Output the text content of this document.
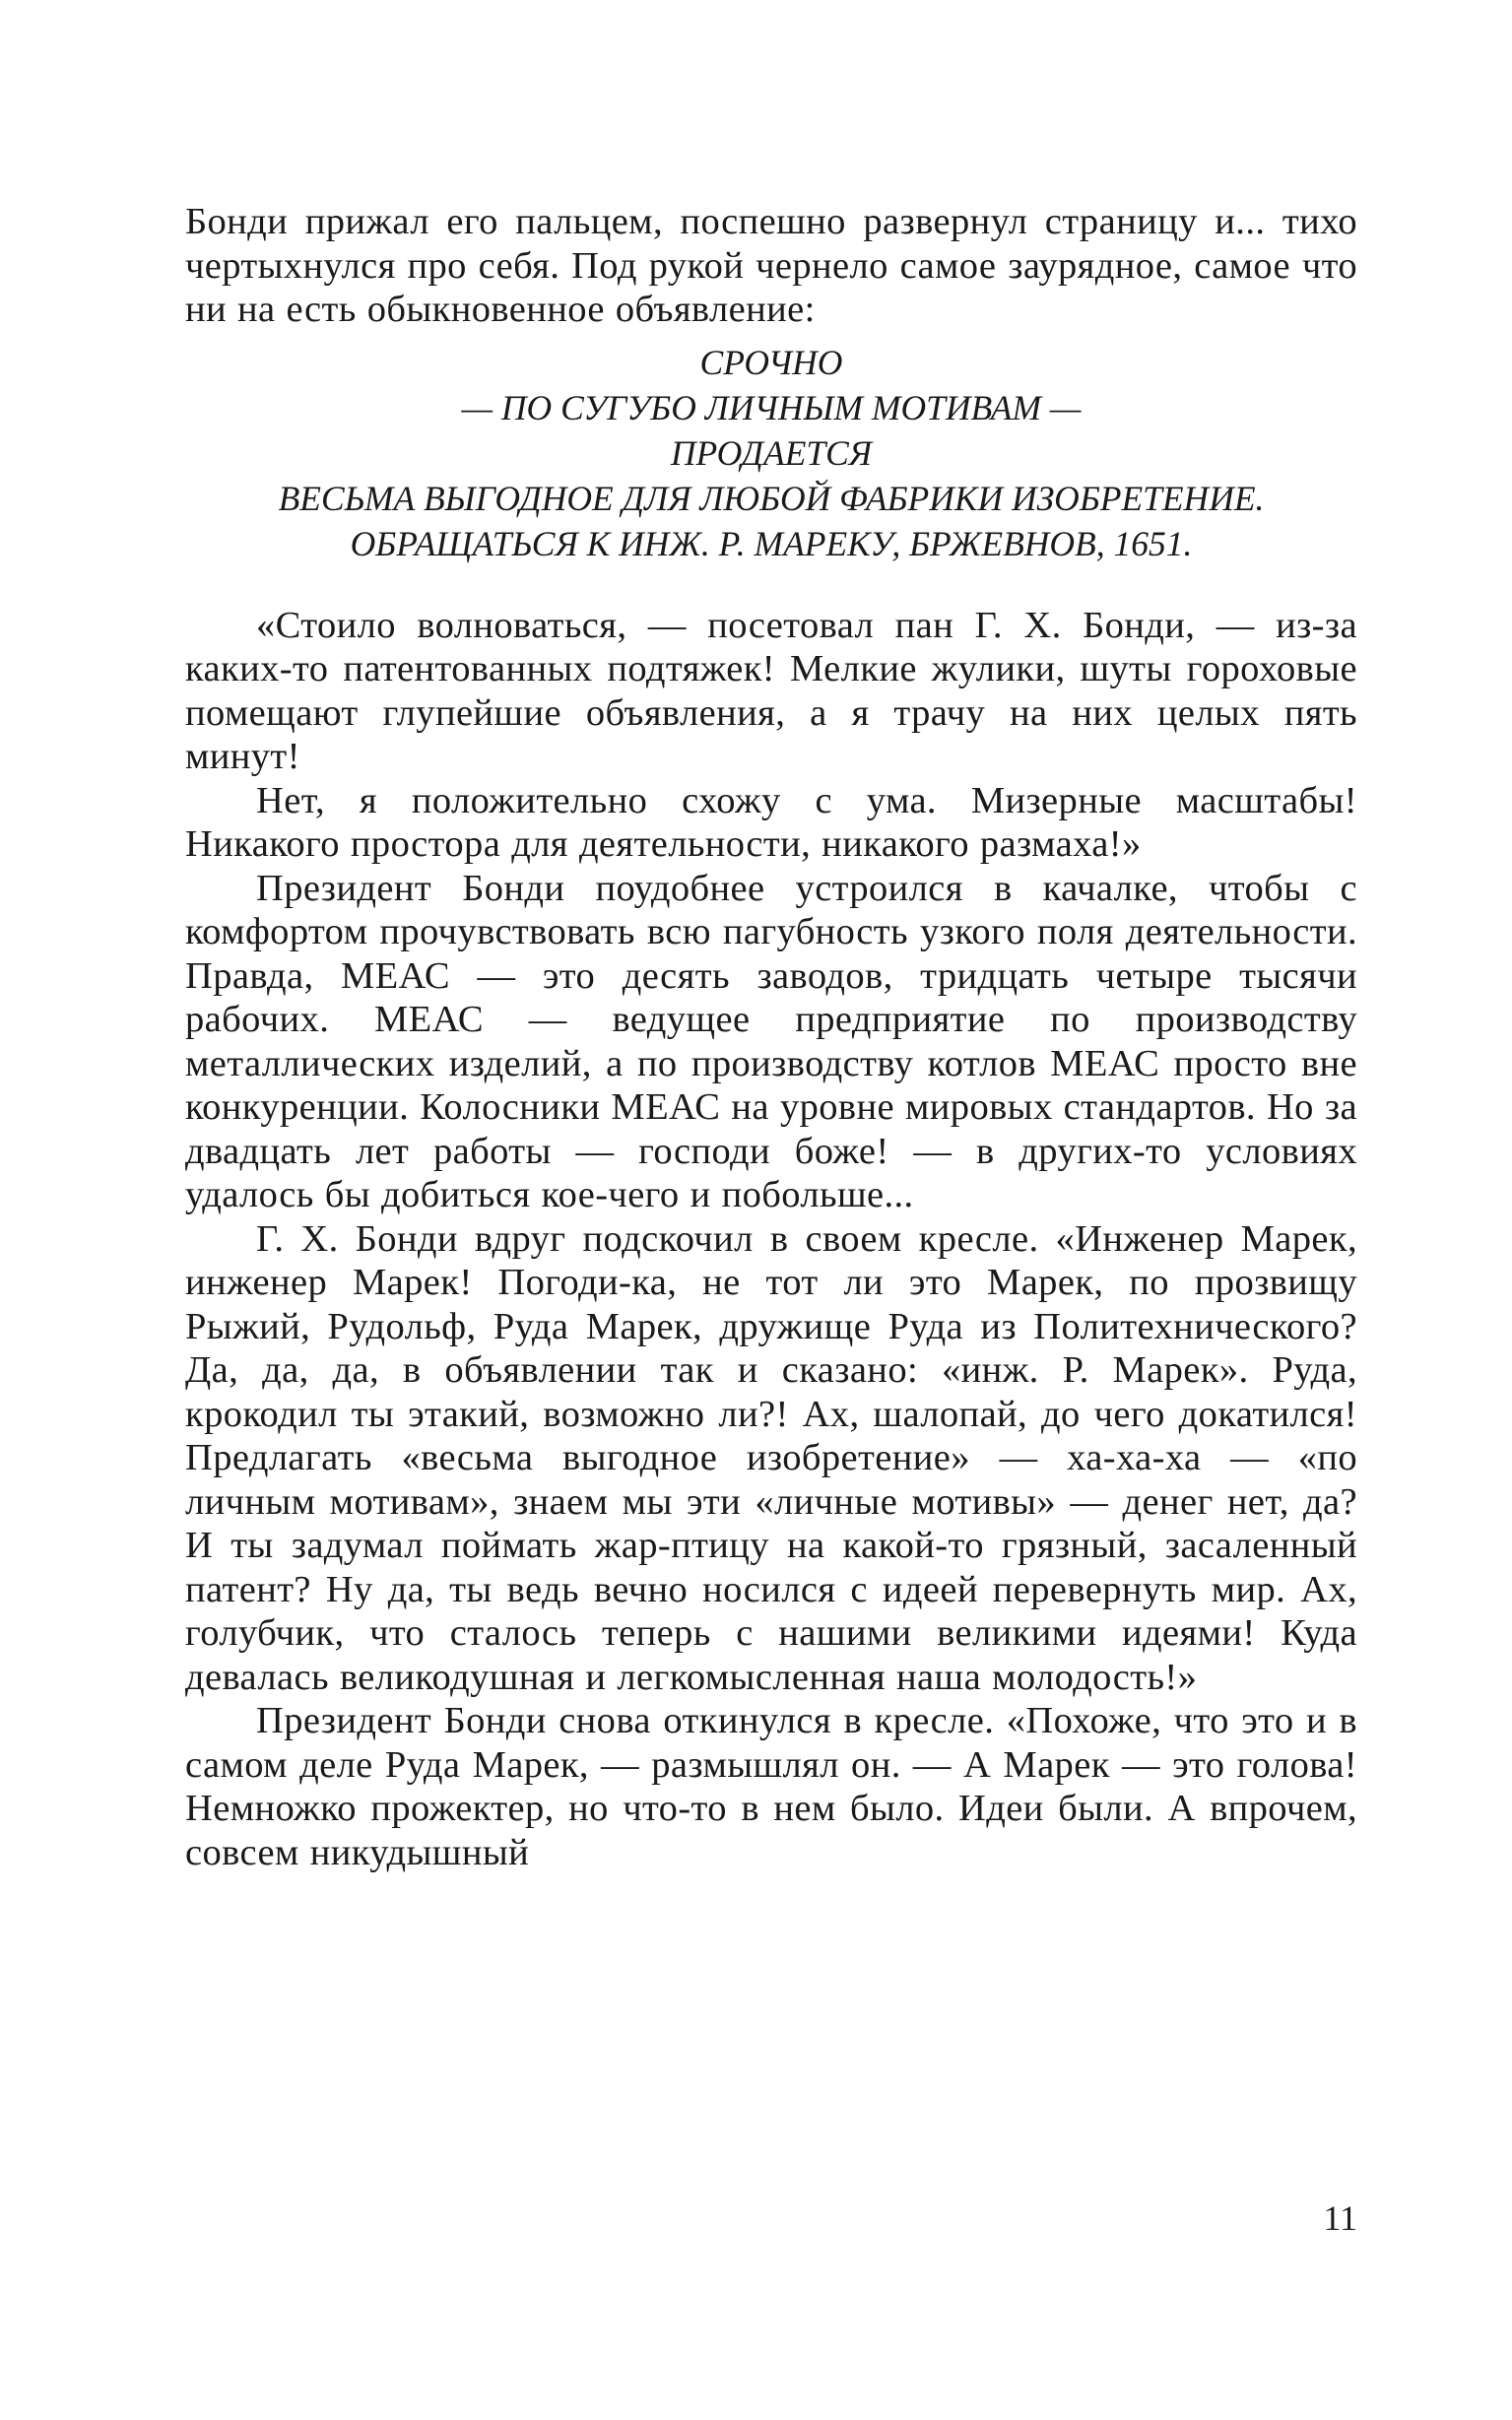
Бонди прижал его пальцем, поспешно развернул страницу и... тихо чертыхнулся про себя. Под рукой чернело самое заурядное, самое что ни на есть обыкновенное объявление:

СРОЧНО
— ПО СУГУБО ЛИЧНЫМ МОТИВАМ —
ПРОДАЕТСЯ
ВЕСЬМА ВЫГОДНОЕ ДЛЯ ЛЮБОЙ ФАБРИКИ ИЗОБРЕТЕНИЕ.
ОБРАЩАТЬСЯ К ИНЖ. Р. МАРЕКУ, БРЖЕВНОВ, 1651.

«Стоило волноваться, — посетовал пан Г. Х. Бонди, — из-за каких-то патентованных подтяжек! Мелкие жулики, шуты гороховые помещают глупейшие объявления, а я трачу на них целых пять минут!

Нет, я положительно схожу с ума. Мизерные масштабы! Никакого простора для деятельности, никакого размаха!»

Президент Бонди поудобнее устроился в качалке, чтобы с комфортом прочувствовать всю пагубность узкого поля деятельности. Правда, МЕАС — это десять заводов, тридцать четыре тысячи рабочих. МЕАС — ведущее предприятие по производству металлических изделий, а по производству котлов МЕАС просто вне конкуренции. Колосники МЕАС на уровне мировых стандартов. Но за двадцать лет работы — господи боже! — в других-то условиях удалось бы добиться кое-чего и побольше...

Г. Х. Бонди вдруг подскочил в своем кресле. «Инженер Марек, инженер Марек! Погоди-ка, не тот ли это Марек, по прозвищу Рыжий, Рудольф, Руда Марек, дружище Руда из Политехнического? Да, да, да, в объявлении так и сказано: «инж. Р. Марек». Руда, крокодил ты этакий, возможно ли?! Ах, шалопай, до чего докатился! Предлагать «весьма выгодное изобретение» — ха-ха-ха — «по личным мотивам», знаем мы эти «личные мотивы» — денег нет, да? И ты задумал поймать жар-птицу на какой-то грязный, засаленный патент? Ну да, ты ведь вечно носился с идеей перевернуть мир. Ах, голубчик, что сталось теперь с нашими великими идеями! Куда девалась великодушная и легкомысленная наша молодость!»

Президент Бонди снова откинулся в кресле. «Похоже, что это и в самом деле Руда Марек, — размышлял он. — А Марек — это голова! Немножко прожектер, но что-то в нем было. Идеи были. А впрочем, совсем никудышный

11
